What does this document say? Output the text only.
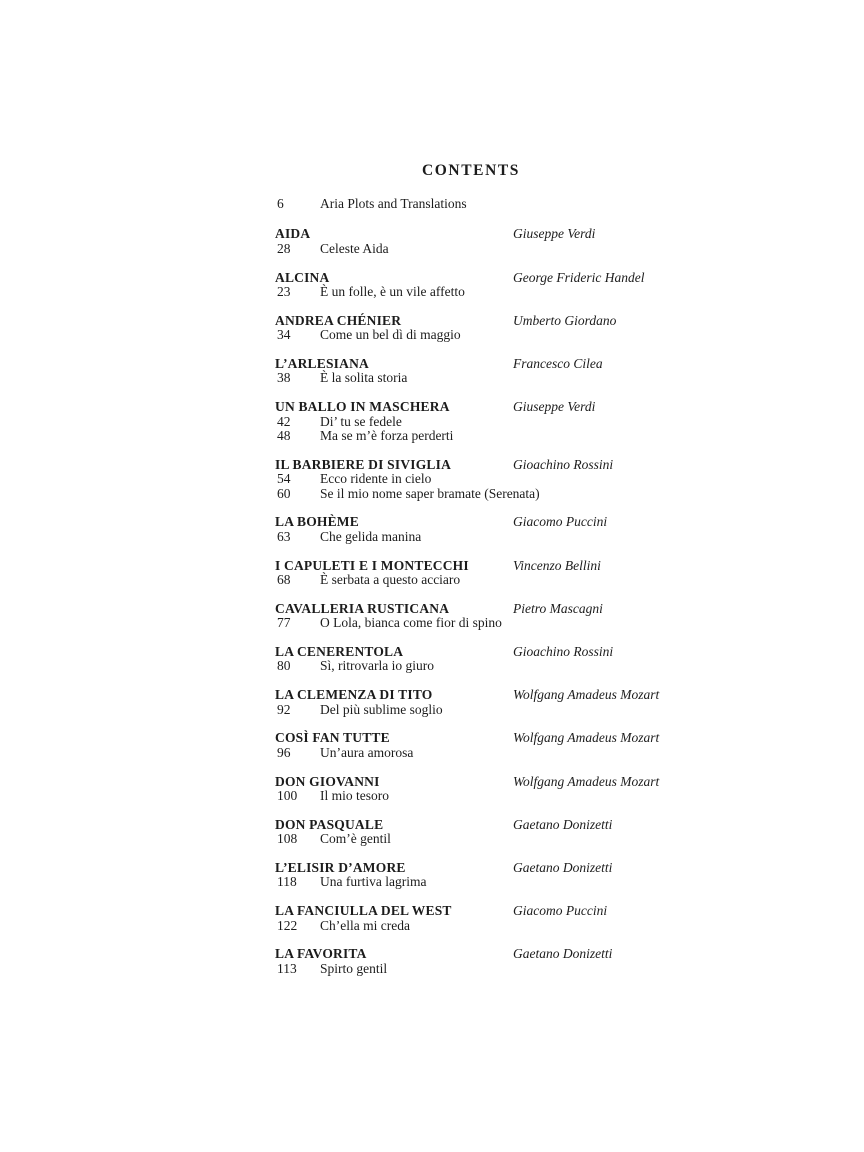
CONTENTS
6	Aria Plots and Translations
AIDA	Giuseppe Verdi
28 Celeste Aida
ALCINA	George Frideric Handel
23 È un folle, è un vile affetto
ANDREA CHÉNIER	Umberto Giordano
34 Come un bel dì di maggio
L’ARLESIANA	Francesco Cilea
38 È la solita storia
UN BALLO IN MASCHERA	Giuseppe Verdi
42 Di’ tu se fedele
48 Ma se m’è forza perderti
IL BARBIERE DI SIVIGLIA	Gioachino Rossini
54 Ecco ridente in cielo
60 Se il mio nome saper bramate (Serenata)
LA BOHÈME	Giacomo Puccini
63 Che gelida manina
I CAPULETI E I MONTECCHI	Vincenzo Bellini
68 È serbata a questo acciaro
CAVALLERIA RUSTICANA	Pietro Mascagni
77 O Lola, bianca come fior di spino
LA CENERENTOLA	Gioachino Rossini
80 Sì, ritrovarla io giuro
LA CLEMENZA DI TITO	Wolfgang Amadeus Mozart
92 Del più sublime soglio
COSÌ FAN TUTTE	Wolfgang Amadeus Mozart
96 Un’aura amorosa
DON GIOVANNI	Wolfgang Amadeus Mozart
100 Il mio tesoro
DON PASQUALE	Gaetano Donizetti
108 Com’è gentil
L’ELISIR D’AMORE	Gaetano Donizetti
118 Una furtiva lagrima
LA FANCIULLA DEL WEST	Giacomo Puccini
122 Ch’ella mi creda
LA FAVORITA	Gaetano Donizetti
113 Spirto gentil
